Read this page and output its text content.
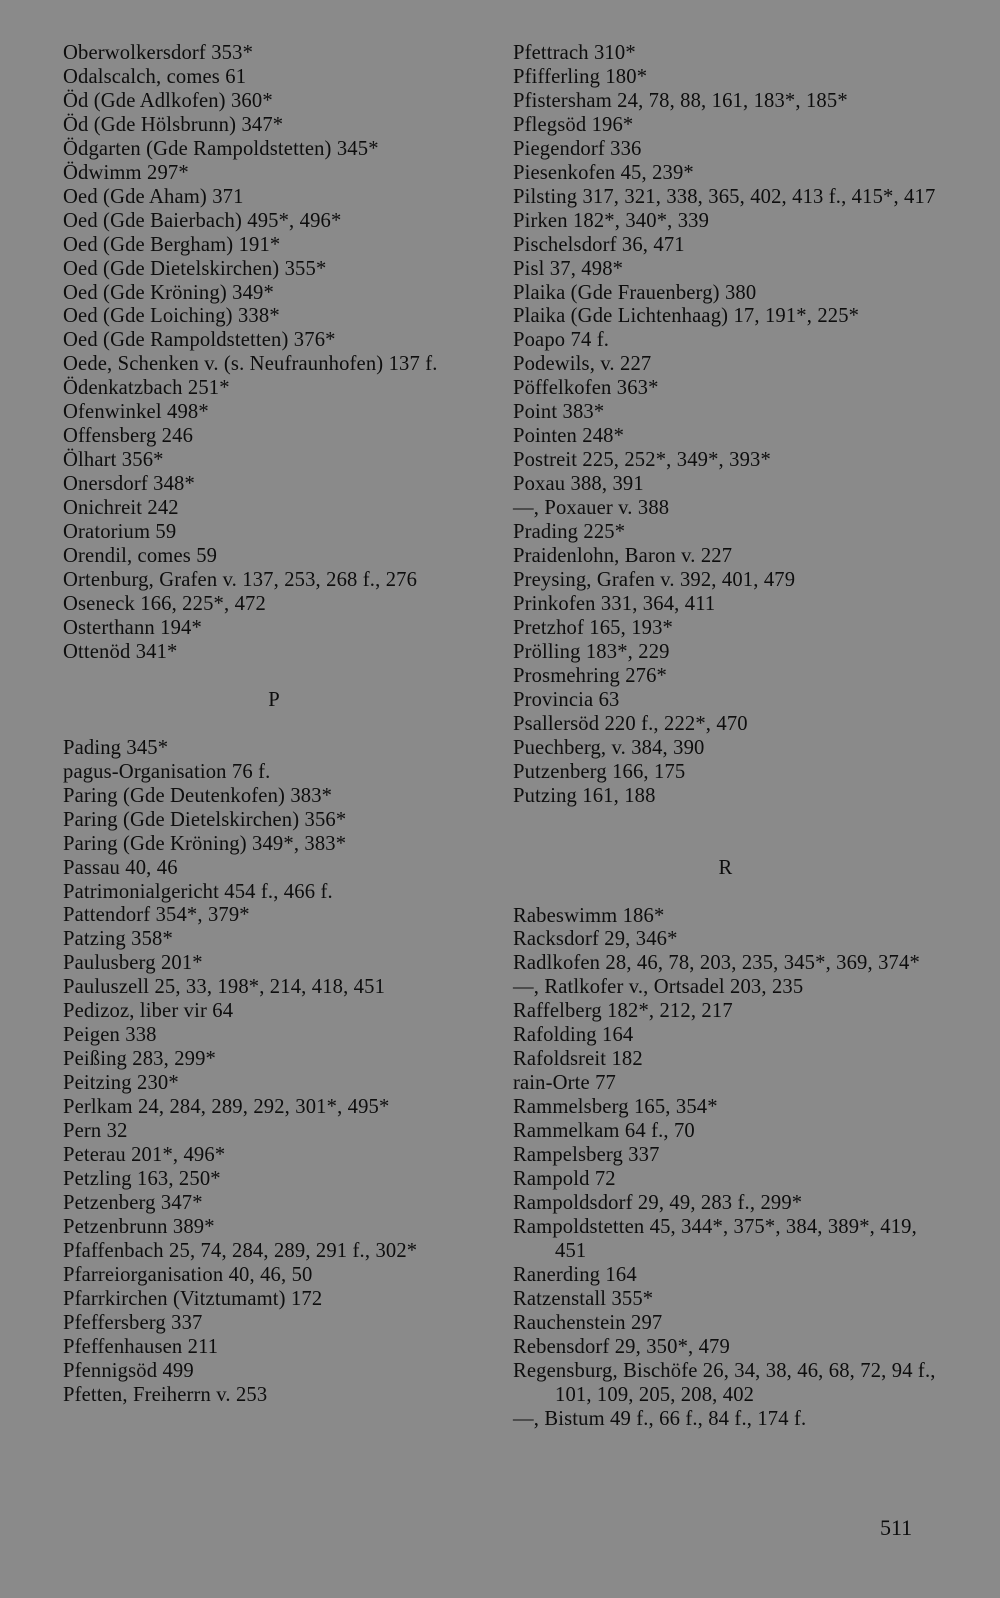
Oberwolkersdorf 353*
Odalscalch, comes 61
Öd (Gde Adlkofen) 360*
Öd (Gde Hölsbrunn) 347*
Ödgarten (Gde Rampoldstetten) 345*
Ödwimm 297*
Oed (Gde Aham) 371
Oed (Gde Baierbach) 495*, 496*
Oed (Gde Bergham) 191*
Oed (Gde Dietelskirchen) 355*
Oed (Gde Kröning) 349*
Oed (Gde Loiching) 338*
Oed (Gde Rampoldstetten) 376*
Oede, Schenken v. (s. Neufraunhofen) 137 f.
Ödenkatzbach 251*
Ofenwinkel 498*
Offensberg 246
Ölhart 356*
Onersdorf 348*
Onichreit 242
Oratorium 59
Orendil, comes 59
Ortenburg, Grafen v. 137, 253, 268 f., 276
Oseneck 166, 225*, 472
Osterthann 194*
Ottenöd 341*
P
Pading 345*
pagus-Organisation 76 f.
Paring (Gde Deutenkofen) 383*
Paring (Gde Dietelskirchen) 356*
Paring (Gde Kröning) 349*, 383*
Passau 40, 46
Patrimonialgericht 454 f., 466 f.
Pattendorf 354*, 379*
Patzing 358*
Paulusberg 201*
Pauluszell 25, 33, 198*, 214, 418, 451
Pedizoz, liber vir 64
Peigen 338
Peißing 283, 299*
Peitzing 230*
Perlkam 24, 284, 289, 292, 301*, 495*
Pern 32
Peterau 201*, 496*
Petzling 163, 250*
Petzenberg 347*
Petzenbrunn 389*
Pfaffenbach 25, 74, 284, 289, 291 f., 302*
Pfarreiorganisation 40, 46, 50
Pfarrkirchen (Vitztumamt) 172
Pfeffersberg 337
Pfeffenhausen 211
Pfennigsöd 499
Pfetten, Freiherrn v. 253
Pfettrach 310*
Pfifferling 180*
Pfistersham 24, 78, 88, 161, 183*, 185*
Pflegsöd 196*
Piegendorf 336
Piesenkofen 45, 239*
Pilsting 317, 321, 338, 365, 402, 413 f., 415*, 417
Pirken 182*, 340*, 339
Pischelsdorf 36, 471
Pisl 37, 498*
Plaika (Gde Frauenberg) 380
Plaika (Gde Lichtenhaag) 17, 191*, 225*
Poapo 74 f.
Podewils, v. 227
Pöffelkofen 363*
Point 383*
Pointen 248*
Postreit 225, 252*, 349*, 393*
Poxau 388, 391
—, Poxauer v. 388
Prading 225*
Praidenlohn, Baron v. 227
Preysing, Grafen v. 392, 401, 479
Prinkofen 331, 364, 411
Pretzhof 165, 193*
Prölling 183*, 229
Prosmehring 276*
Provincia 63
Psallersöd 220 f., 222*, 470
Puechberg, v. 384, 390
Putzenberg 166, 175
Putzing 161, 188
R
Rabeswimm 186*
Racksdorf 29, 346*
Radlkofen 28, 46, 78, 203, 235, 345*, 369, 374*
—, Ratlkofer v., Ortsadel 203, 235
Raffelberg 182*, 212, 217
Rafolding 164
Rafoldsreit 182
rain-Orte 77
Rammelsberg 165, 354*
Rammelkam 64 f., 70
Rampelsberg 337
Rampold 72
Rampoldsdorf 29, 49, 283 f., 299*
Rampoldstetten 45, 344*, 375*, 384, 389*, 419, 451
Ranerding 164
Ratzenstall 355*
Rauchenstein 297
Rebensdorf 29, 350*, 479
Regensburg, Bischöfe 26, 34, 38, 46, 68, 72, 94 f., 101, 109, 205, 208, 402
—, Bistum 49 f., 66 f., 84 f., 174 f.
511
